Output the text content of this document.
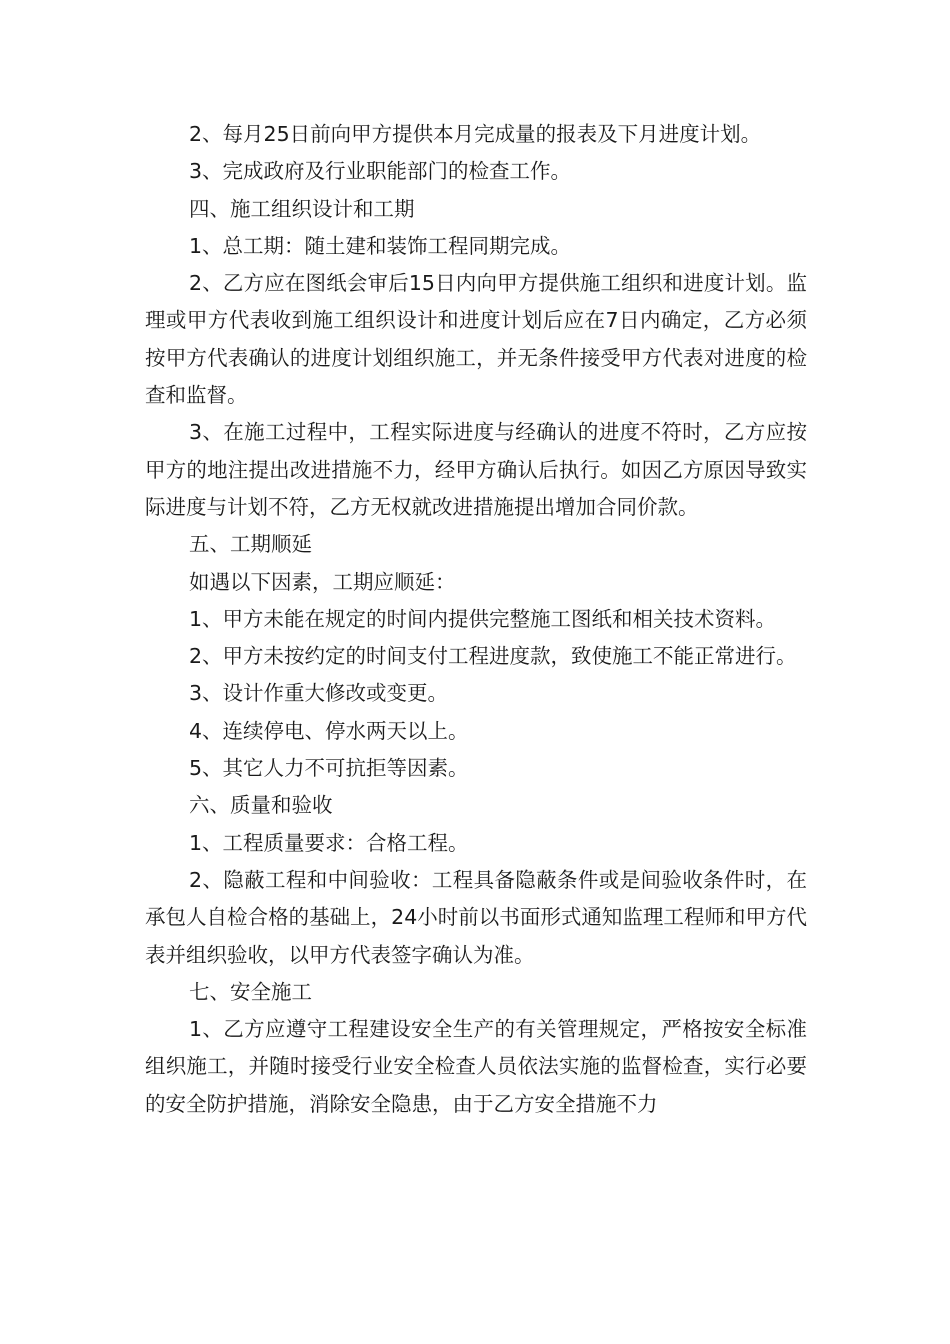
2、每月25日前向甲方提供本月完成量的报表及下月进度计划。

3、完成政府及行业职能部门的检查工作。

四、施工组织设计和工期

1、总工期：随土建和装饰工程同期完成。

2、乙方应在图纸会审后15日内向甲方提供施工组织和进度计划。监理或甲方代表收到施工组织设计和进度计划后应在7日内确定，乙方必须按甲方代表确认的进度计划组织施工，并无条件接受甲方代表对进度的检查和监督。

3、在施工过程中，工程实际进度与经确认的进度不符时，乙方应按甲方的地注提出改进措施不力，经甲方确认后执行。如因乙方原因导致实际进度与计划不符，乙方无权就改进措施提出增加合同价款。

五、工期顺延

如遇以下因素，工期应顺延：

1、甲方未能在规定的时间内提供完整施工图纸和相关技术资料。

2、甲方未按约定的时间支付工程进度款，致使施工不能正常进行。

3、设计作重大修改或变更。

4、连续停电、停水两天以上。

5、其它人力不可抗拒等因素。

六、质量和验收

1、工程质量要求：合格工程。

2、隐蔽工程和中间验收：工程具备隐蔽条件或是间验收条件时，在承包人自检合格的基础上，24小时前以书面形式通知监理工程师和甲方代表并组织验收，以甲方代表签字确认为准。

七、安全施工

1、乙方应遵守工程建设安全生产的有关管理规定，严格按安全标准组织施工，并随时接受行业安全检查人员依法实施的监督检查，实行必要的安全防护措施，消除安全隐患，由于乙方安全措施不力
